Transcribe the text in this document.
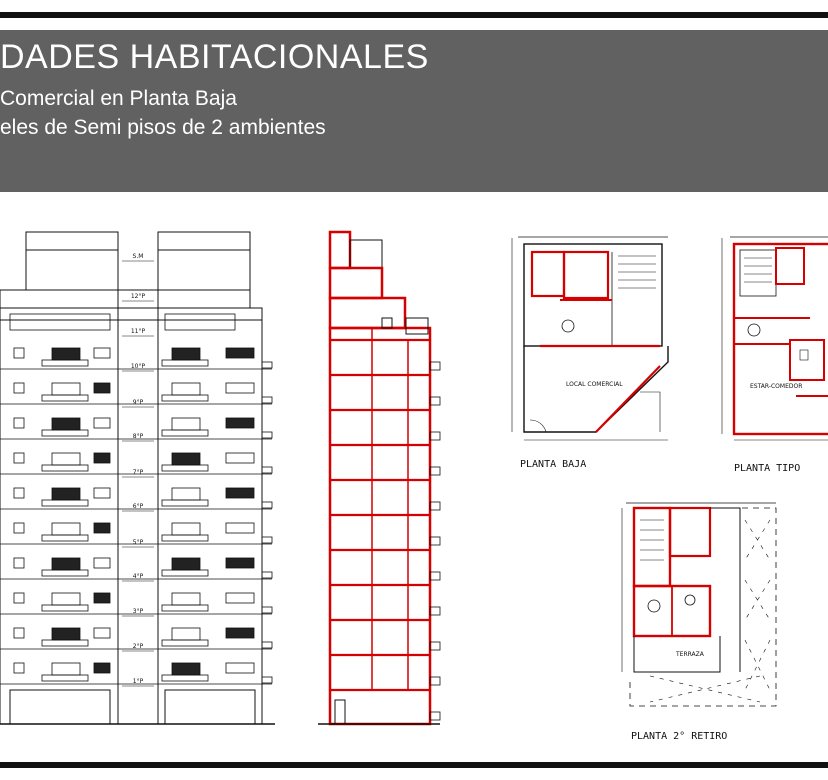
DADES HABITACIONALES
Comercial en Planta Baja
eles de Semi pisos de 2 ambientes
S.M
12°P
11°P
10°P
9°P
8°P
7°P
6°P
5°P
4°P
3°P
2°P
1°P
LOCAL COMERCIAL
PLANTA BAJA
ESTAR-COMEDOR
PLANTA TIPO
TERRAZA
PLANTA 2° RETIRO
